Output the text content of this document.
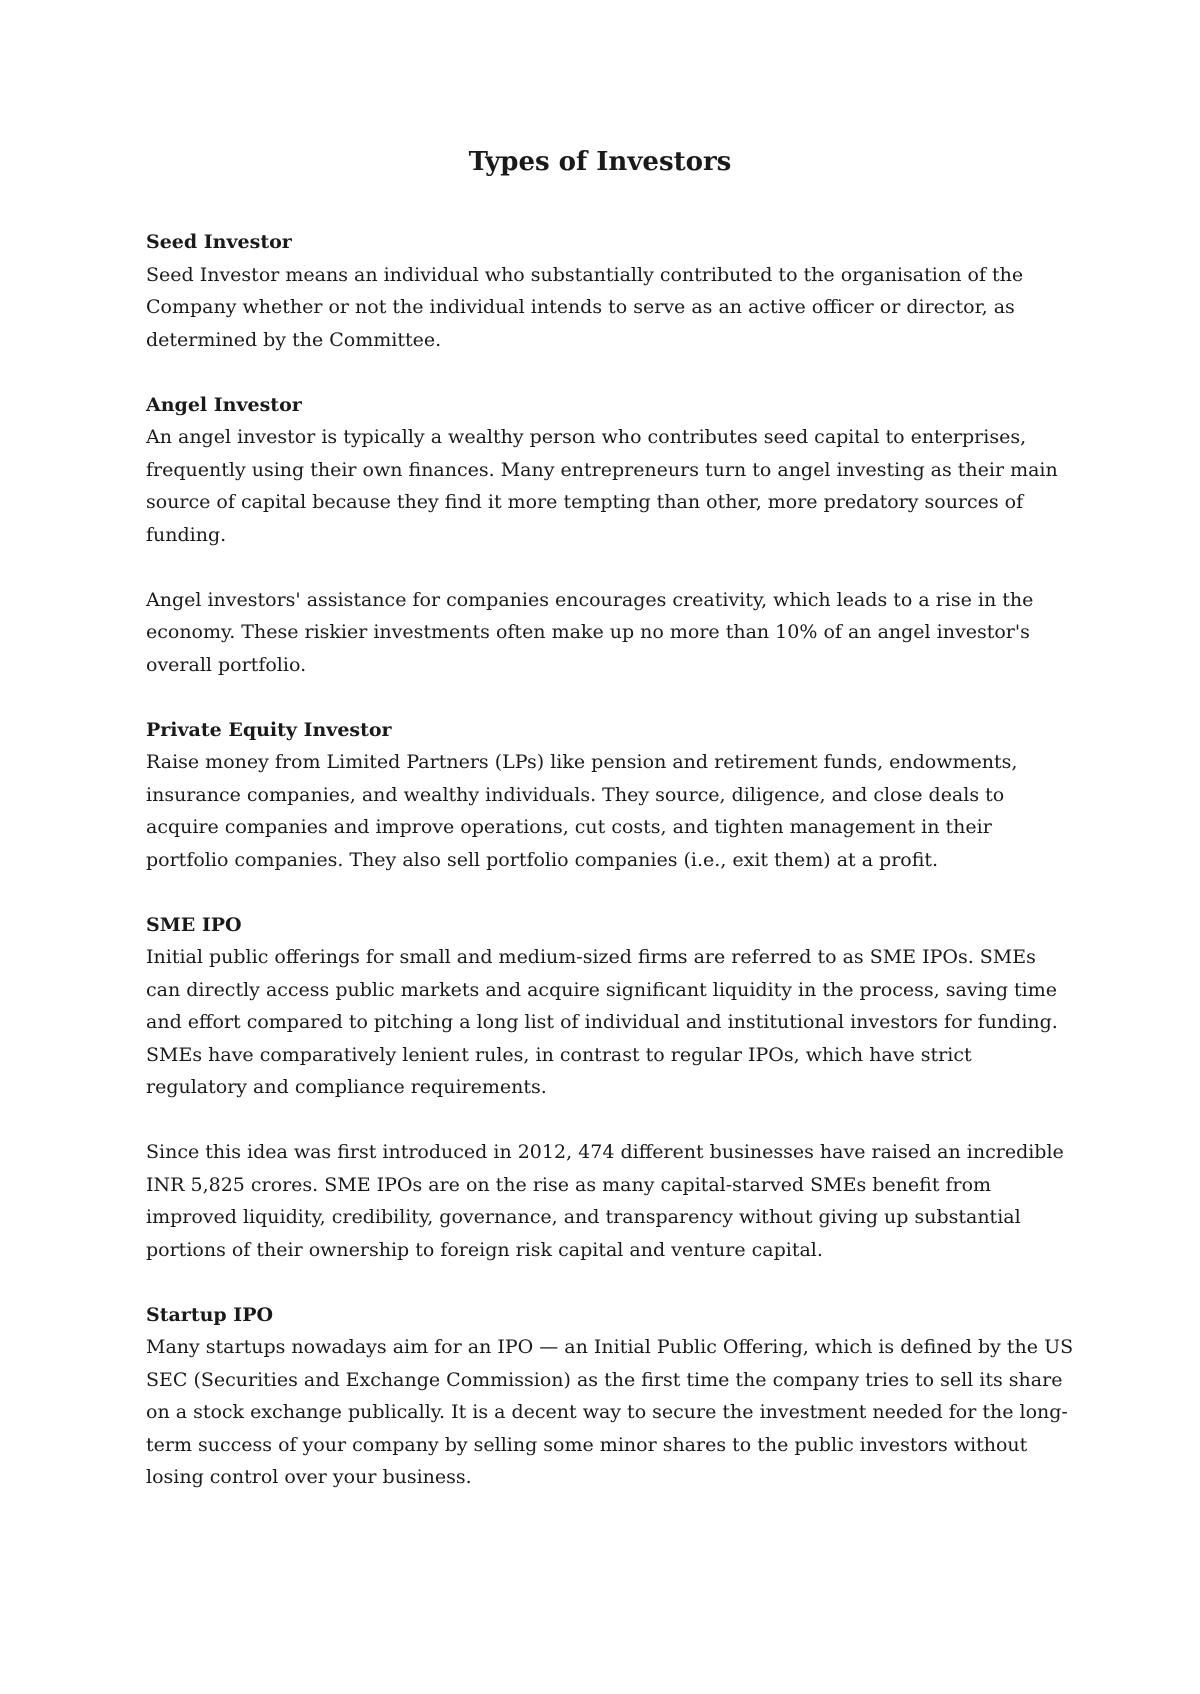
Types of Investors
Seed Investor

Seed Investor means an individual who substantially contributed to the organisation of the Company whether or not the individual intends to serve as an active officer or director, as determined by the Committee.

Angel Investor

An angel investor is typically a wealthy person who contributes seed capital to enterprises, frequently using their own finances. Many entrepreneurs turn to angel investing as their main source of capital because they find it more tempting than other, more predatory sources of funding.

Angel investors' assistance for companies encourages creativity, which leads to a rise in the economy. These riskier investments often make up no more than 10% of an angel investor's overall portfolio.

Private Equity Investor

Raise money from Limited Partners (LPs) like pension and retirement funds, endowments, insurance companies, and wealthy individuals. They source, diligence, and close deals to acquire companies and improve operations, cut costs, and tighten management in their portfolio companies. They also sell portfolio companies (i.e., exit them) at a profit.

SME IPO

Initial public offerings for small and medium-sized firms are referred to as SME IPOs. SMEs can directly access public markets and acquire significant liquidity in the process, saving time and effort compared to pitching a long list of individual and institutional investors for funding. SMEs have comparatively lenient rules, in contrast to regular IPOs, which have strict regulatory and compliance requirements.

Since this idea was first introduced in 2012, 474 different businesses have raised an incredible INR 5,825 crores. SME IPOs are on the rise as many capital-starved SMEs benefit from improved liquidity, credibility, governance, and transparency without giving up substantial portions of their ownership to foreign risk capital and venture capital.

Startup IPO

Many startups nowadays aim for an IPO — an Initial Public Offering, which is defined by the US SEC (Securities and Exchange Commission) as the first time the company tries to sell its share on a stock exchange publically. It is a decent way to secure the investment needed for the long-term success of your company by selling some minor shares to the public investors without losing control over your business.
